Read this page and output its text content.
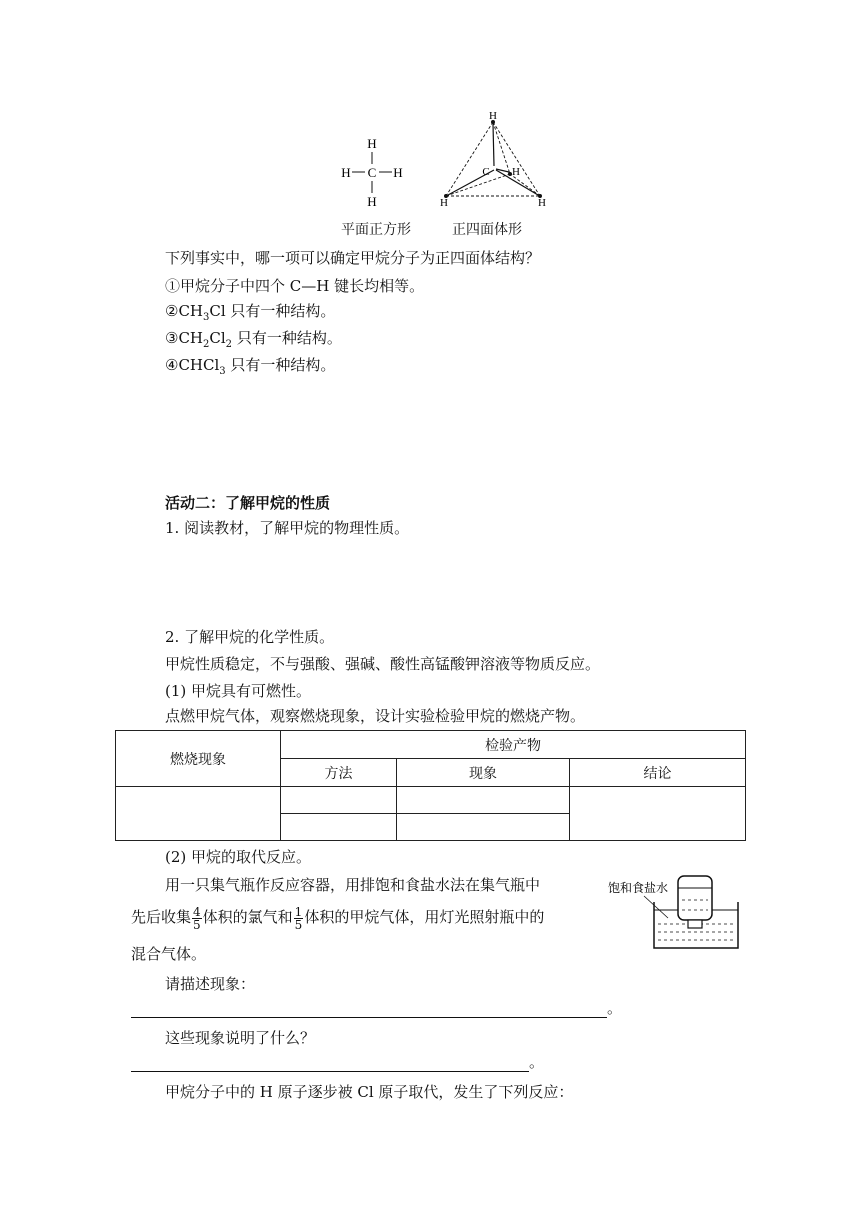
H
C
H
H	H
H
C H
H	H
平面正方形	正四面体形
下列事实中，哪一项可以确定甲烷分子为正四面体结构？
①甲烷分子中四个 C—H 键长均相等。
$②CH_3Cl$ 只有一种结构。
$③CH_2Cl_2$ 只有一种结构。
④CHCl$_3$ 只有一种结构。
活动二：了解甲烷的性质
1. 阅读教材，了解甲烷的物理性质。
2. 了解甲烷的化学性质。
甲烷性质稳定，不与强酸、强碱、酸性高锰酸钾溶液等物质反应。
(1) 甲烷具有可燃性。
点燃甲烷气体，观察燃烧现象，设计实验检验甲烷的燃烧产物。
燃烧现象	检验产物		
	方法	现象	结论

(2) 甲烷的取代反应。
用一只集气瓶作反应容器，用排饱和食盐水法在集气瓶中
先后收集 $\frac{4}{5}$ 体积的氯气和 $\frac{1}{5}$ 体积的甲烷气体，用灯光照射瓶中的
混合气体。
饱和食盐水
请描述现象：
。
这些现象说明了什么？
。
甲烷分子中的 H 原子逐步被 Cl 原子取代，发生了下列反应：
